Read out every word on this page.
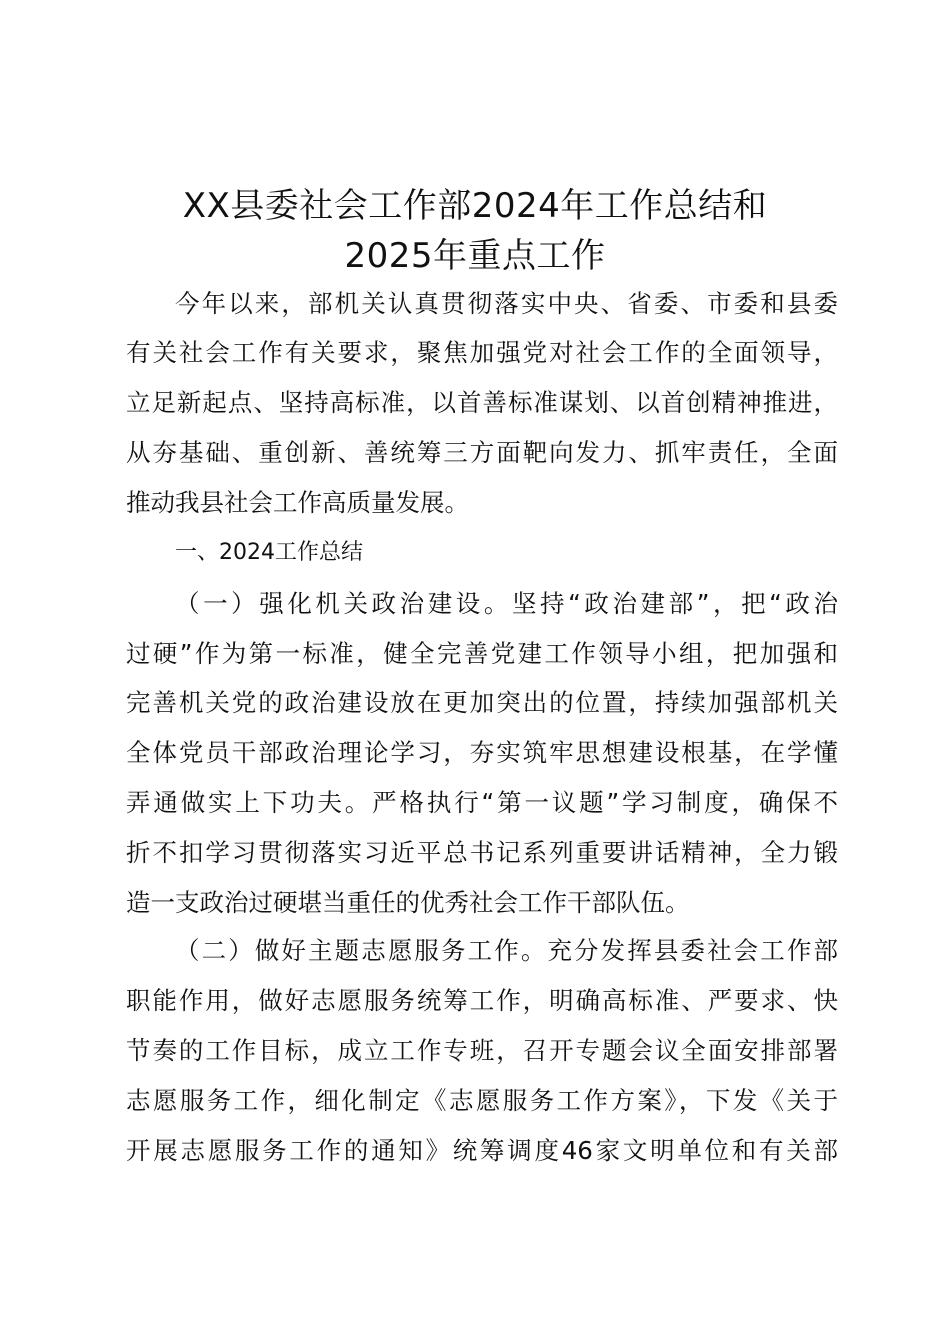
XX县委社会工作部2024年工作总结和
2025年重点工作

今年以来，部机关认真贯彻落实中央、省委、市委和县委

有关社会工作有关要求，聚焦加强党对社会工作的全面领导，

立足新起点、坚持高标准，以首善标准谋划、以首创精神推进，

从夯基础、重创新、善统筹三方面靶向发力、抓牢责任，全面

推动我县社会工作高质量发展。

一、2024工作总结

（一）强化机关政治建设。坚持“政治建部”，把“政治

过硬”作为第一标准，健全完善党建工作领导小组，把加强和

完善机关党的政治建设放在更加突出的位置，持续加强部机关

全体党员干部政治理论学习，夯实筑牢思想建设根基，在学懂

弄通做实上下功夫。严格执行“第一议题”学习制度，确保不

折不扣学习贯彻落实习近平总书记系列重要讲话精神，全力锻

造一支政治过硬堪当重任的优秀社会工作干部队伍。

（二）做好主题志愿服务工作。充分发挥县委社会工作部

职能作用，做好志愿服务统筹工作，明确高标准、严要求、快

节奏的工作目标，成立工作专班，召开专题会议全面安排部署

志愿服务工作，细化制定《志愿服务工作方案》，下发《关于

开展志愿服务工作的通知》统筹调度46家文明单位和有关部
